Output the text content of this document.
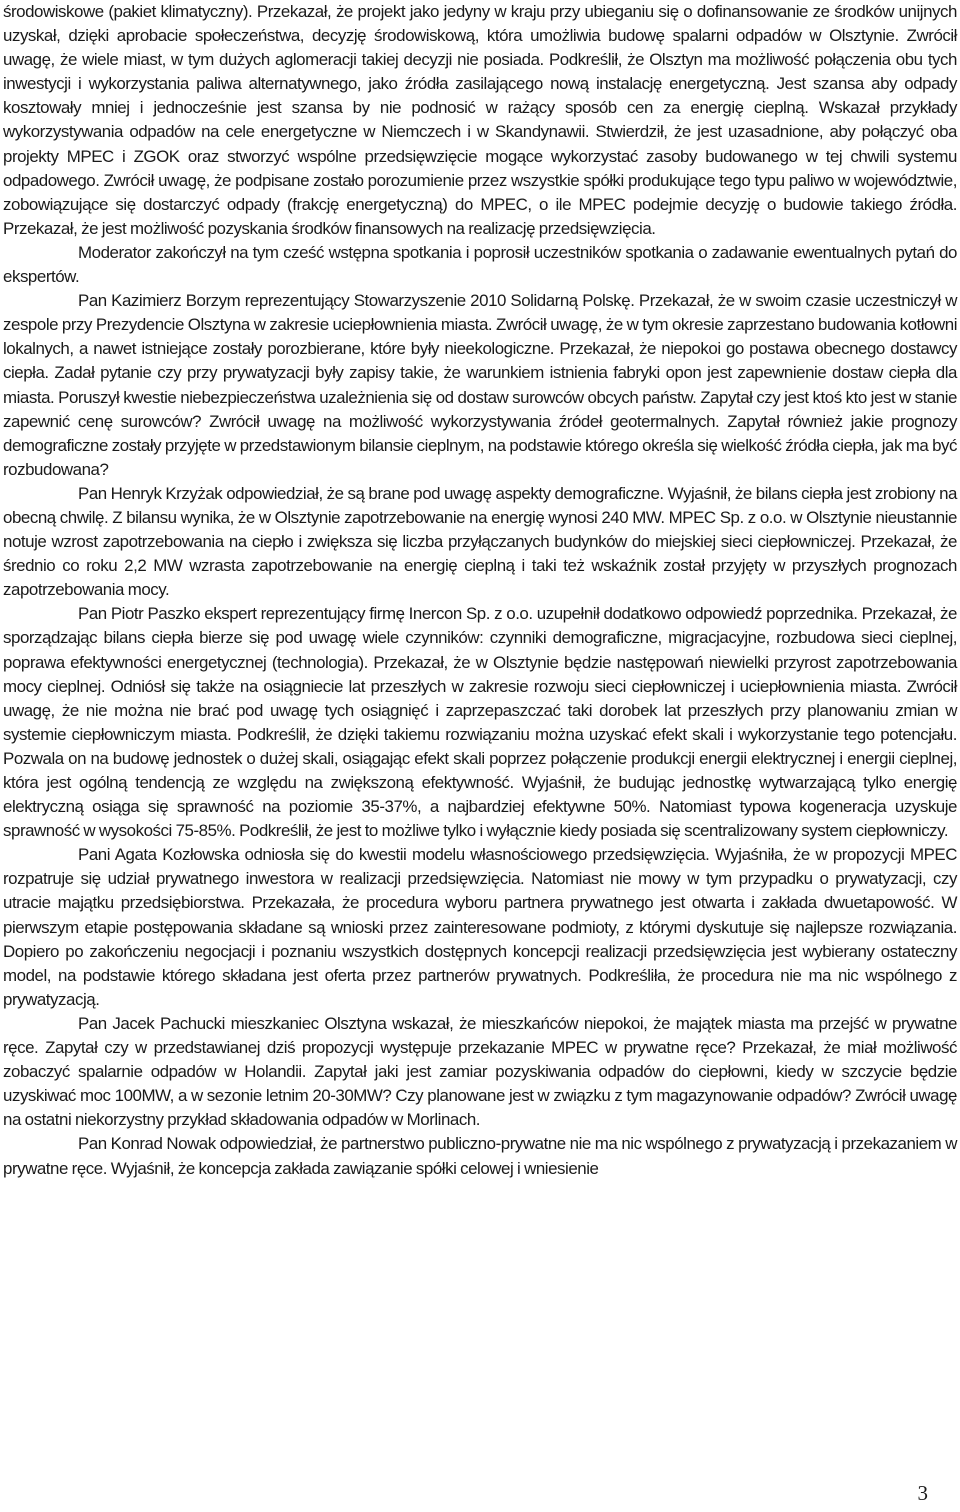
środowiskowe (pakiet klimatyczny). Przekazał, że projekt jako jedyny w kraju przy ubieganiu się o dofinansowanie ze środków unijnych uzyskał, dzięki aprobacie społeczeństwa, decyzję środowiskową, która umożliwia budowę spalarni odpadów w Olsztynie. Zwrócił uwagę, że wiele miast, w tym dużych aglomeracji takiej decyzji nie posiada. Podkreślił, że Olsztyn ma możliwość połączenia obu tych inwestycji i wykorzystania paliwa alternatywnego, jako źródła zasilającego nową instalację energetyczną. Jest szansa aby odpady kosztowały mniej i jednocześnie jest szansa by nie podnosić w rażący sposób cen za energię cieplną. Wskazał przykłady wykorzystywania odpadów na cele energetyczne w Niemczech i w Skandynawii. Stwierdził, że jest uzasadnione, aby połączyć oba projekty MPEC i ZGOK oraz stworzyć wspólne przedsięwzięcie mogące wykorzystać zasoby budowanego w tej chwili systemu odpadowego. Zwrócił uwagę, że podpisane zostało porozumienie przez wszystkie spółki produkujące tego typu paliwo w województwie, zobowiązujące się dostarczyć odpady (frakcję energetyczną) do MPEC, o ile MPEC podejmie decyzję o budowie takiego źródła. Przekazał, że jest możliwość pozyskania środków finansowych na realizację przedsięwzięcia.

Moderator zakończył na tym cześć wstępna spotkania i poprosił uczestników spotkania o zadawanie ewentualnych pytań do ekspertów.

Pan Kazimierz Borzym reprezentujący Stowarzyszenie 2010 Solidarną Polskę. Przekazał, że w swoim czasie uczestniczył w zespole przy Prezydencie Olsztyna w zakresie uciepłownienia miasta. Zwrócił uwagę, że w tym okresie zaprzestano budowania kotłowni lokalnych, a nawet istniejące zostały porozbierane, które były nieekologiczne. Przekazał, że niepokoi go postawa obecnego dostawcy ciepła. Zadał pytanie czy przy prywatyzacji były zapisy takie, że warunkiem istnienia fabryki opon jest zapewnienie dostaw ciepła dla miasta. Poruszył kwestie niebezpieczeństwa uzależnienia się od dostaw surowców obcych państw. Zapytał czy jest ktoś kto jest w stanie zapewnić cenę surowców? Zwrócił uwagę na możliwość wykorzystywania źródeł geotermalnych. Zapytał również jakie prognozy demograficzne zostały przyjęte w przedstawionym bilansie cieplnym, na podstawie którego określa się wielkość źródła ciepła, jak ma być rozbudowana?

Pan Henryk Krzyżak odpowiedział, że są brane pod uwagę aspekty demograficzne. Wyjaśnił, że bilans ciepła jest zrobiony na obecną chwilę. Z bilansu wynika, że w Olsztynie zapotrzebowanie na energię wynosi 240 MW. MPEC Sp. z o.o. w Olsztynie nieustannie notuje wzrost zapotrzebowania na ciepło i zwiększa się liczba przyłączanych budynków do miejskiej sieci ciepłowniczej. Przekazał, że średnio co roku 2,2 MW wzrasta zapotrzebowanie na energię cieplną i taki też wskaźnik został przyjęty w przyszłych prognozach zapotrzebowania mocy.

Pan Piotr Paszko ekspert reprezentujący firmę Inercon Sp. z o.o. uzupełnił dodatkowo odpowiedź poprzednika. Przekazał, że sporządzając bilans ciepła bierze się pod uwagę wiele czynników: czynniki demograficzne, migracjacyjne, rozbudowa sieci cieplnej, poprawa efektywności energetycznej (technologia). Przekazał, że w Olsztynie będzie następowań niewielki przyrost zapotrzebowania mocy cieplnej. Odniósł się także na osiągniecie lat przeszłych w zakresie rozwoju sieci ciepłowniczej i uciepłownienia miasta. Zwrócił uwagę, że nie można nie brać pod uwagę tych osiągnięć i zaprzepaszczać taki dorobek lat przeszłych przy planowaniu zmian w systemie ciepłowniczym miasta. Podkreślił, że dzięki takiemu rozwiązaniu można uzyskać efekt skali i wykorzystanie tego potencjału. Pozwala on na budowę jednostek o dużej skali, osiągając efekt skali poprzez połączenie produkcji energii elektrycznej i energii cieplnej, która jest ogólną tendencją ze względu na zwiększoną efektywność. Wyjaśnił, że budując jednostkę wytwarzającą tylko energię elektryczną osiąga się sprawność na poziomie 35-37%, a najbardziej efektywne 50%. Natomiast typowa kogeneracja uzyskuje sprawność w wysokości 75-85%. Podkreślił, że jest to możliwe tylko i wyłącznie kiedy posiada się scentralizowany system ciepłowniczy.

Pani Agata Kozłowska odniosła się do kwestii modelu własnościowego przedsięwzięcia. Wyjaśniła, że w propozycji MPEC rozpatruje się udział prywatnego inwestora w realizacji przedsięwzięcia. Natomiast nie mowy w tym przypadku o prywatyzacji, czy utracie majątku przedsiębiorstwa. Przekazała, że procedura wyboru partnera prywatnego jest otwarta i zakłada dwuetapowość. W pierwszym etapie postępowania składane są wnioski przez zainteresowane podmioty, z którymi dyskutuje się najlepsze rozwiązania. Dopiero po zakończeniu negocjacji i poznaniu wszystkich dostępnych koncepcji realizacji przedsięwzięcia jest wybierany ostateczny model, na podstawie którego składana jest oferta przez partnerów prywatnych. Podkreśliła, że procedura nie ma nic wspólnego z prywatyzacją.

Pan Jacek Pachucki mieszkaniec Olsztyna wskazał, że mieszkańców niepokoi, że majątek miasta ma przejść w prywatne ręce. Zapytał czy w przedstawianej dziś propozycji występuje przekazanie MPEC w prywatne ręce? Przekazał, że miał możliwość zobaczyć spalarnie odpadów w Holandii. Zapytał jaki jest zamiar pozyskiwania odpadów do ciepłowni, kiedy w szczycie będzie uzyskiwać moc 100MW, a w sezonie letnim 20-30MW? Czy planowane jest w związku z tym magazynowanie odpadów? Zwrócił uwagę na ostatni niekorzystny przykład składowania odpadów w Morlinach.

Pan Konrad Nowak odpowiedział, że partnerstwo publiczno-prywatne nie ma nic wspólnego z prywatyzacją i przekazaniem w prywatne ręce. Wyjaśnił, że koncepcja zakłada zawiązanie spółki celowej i wniesienie

3
